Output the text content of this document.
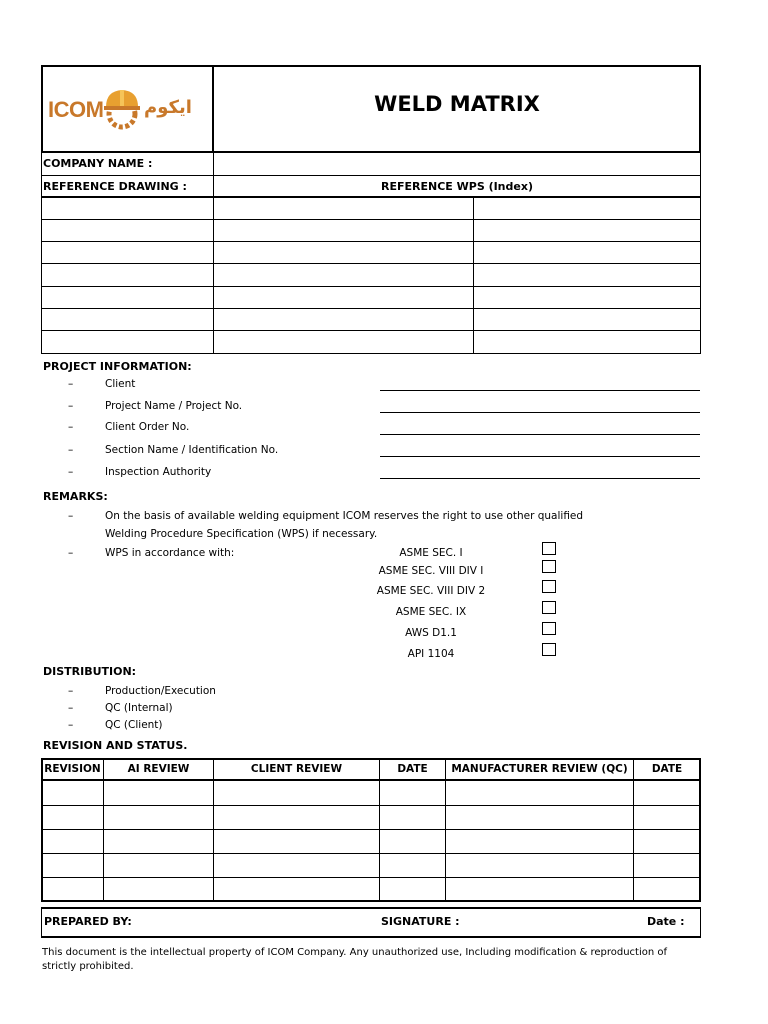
ICOM ایکوم	WELD MATRIX
COMPANY NAME :
REFERENCE DRAWING :	REFERENCE WPS (Index)
PROJECT INFORMATION:
–	Client
–	Project Name / Project No.
–	Client Order No.
–	Section Name / Identification No.
–	Inspection Authority
REMARKS:
–	On the basis of available welding equipment ICOM reserves the right to use other qualified
Welding Procedure Specification (WPS) if necessary.
–	WPS in accordance with:	ASME SEC. I
ASME SEC. VIII DIV I
ASME SEC. VIII DIV 2
ASME SEC. IX
AWS D1.1
API 1104
DISTRIBUTION:
–	Production/Execution
–	QC (Internal)
–	QC (Client)
REVISION AND STATUS.
REVISION	AI REVIEW	CLIENT REVIEW	DATE	MANUFACTURER REVIEW (QC)	DATE
PREPARED BY:	SIGNATURE :	Date :
This document is the intellectual property of ICOM Company. Any unauthorized use, Including modification & reproduction of
strictly prohibited.
